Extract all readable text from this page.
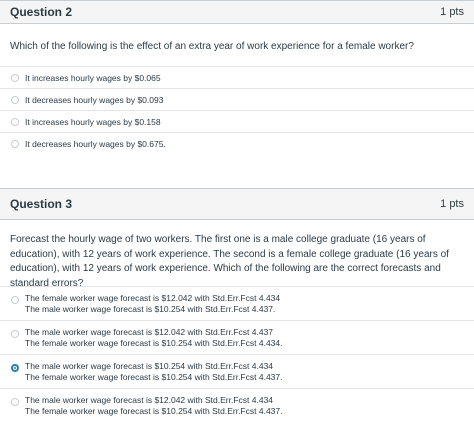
Question 2	1 pts
Which of the following is the effect of an extra year of work experience for a female worker?
It increases hourly wages by $0.065
It decreases hourly wages by $0.093
It increases hourly wages by $0.158
It decreases hourly wages by $0.675.
Question 3	1 pts
Forecast the hourly wage of two workers. The first one is a male college graduate (16 years of education), with 12 years of work experience. The second is a female college graduate (16 years of education), with 12 years of work experience. Which of the following are the correct forecasts and standard errors?
The female worker wage forecast is $12.042 with Std.Err.Fcst 4.434
The male worker wage forecast is $10.254 with Std.Err.Fcst 4.437.
The male worker wage forecast is $12.042 with Std.Err.Fcst 4.437
The female worker wage forecast is $10.254 with Std.Err.Fcst 4.434.
The male worker wage forecast is $10.254 with Std.Err.Fcst 4.434
The female worker wage forecast is $10.254 with Std.Err.Fcst 4.437.
The male worker wage forecast is $12.042 with Std.Err.Fcst 4.434
The female worker wage forecast is $10.254 with Std.Err.Fcst 4.437.
